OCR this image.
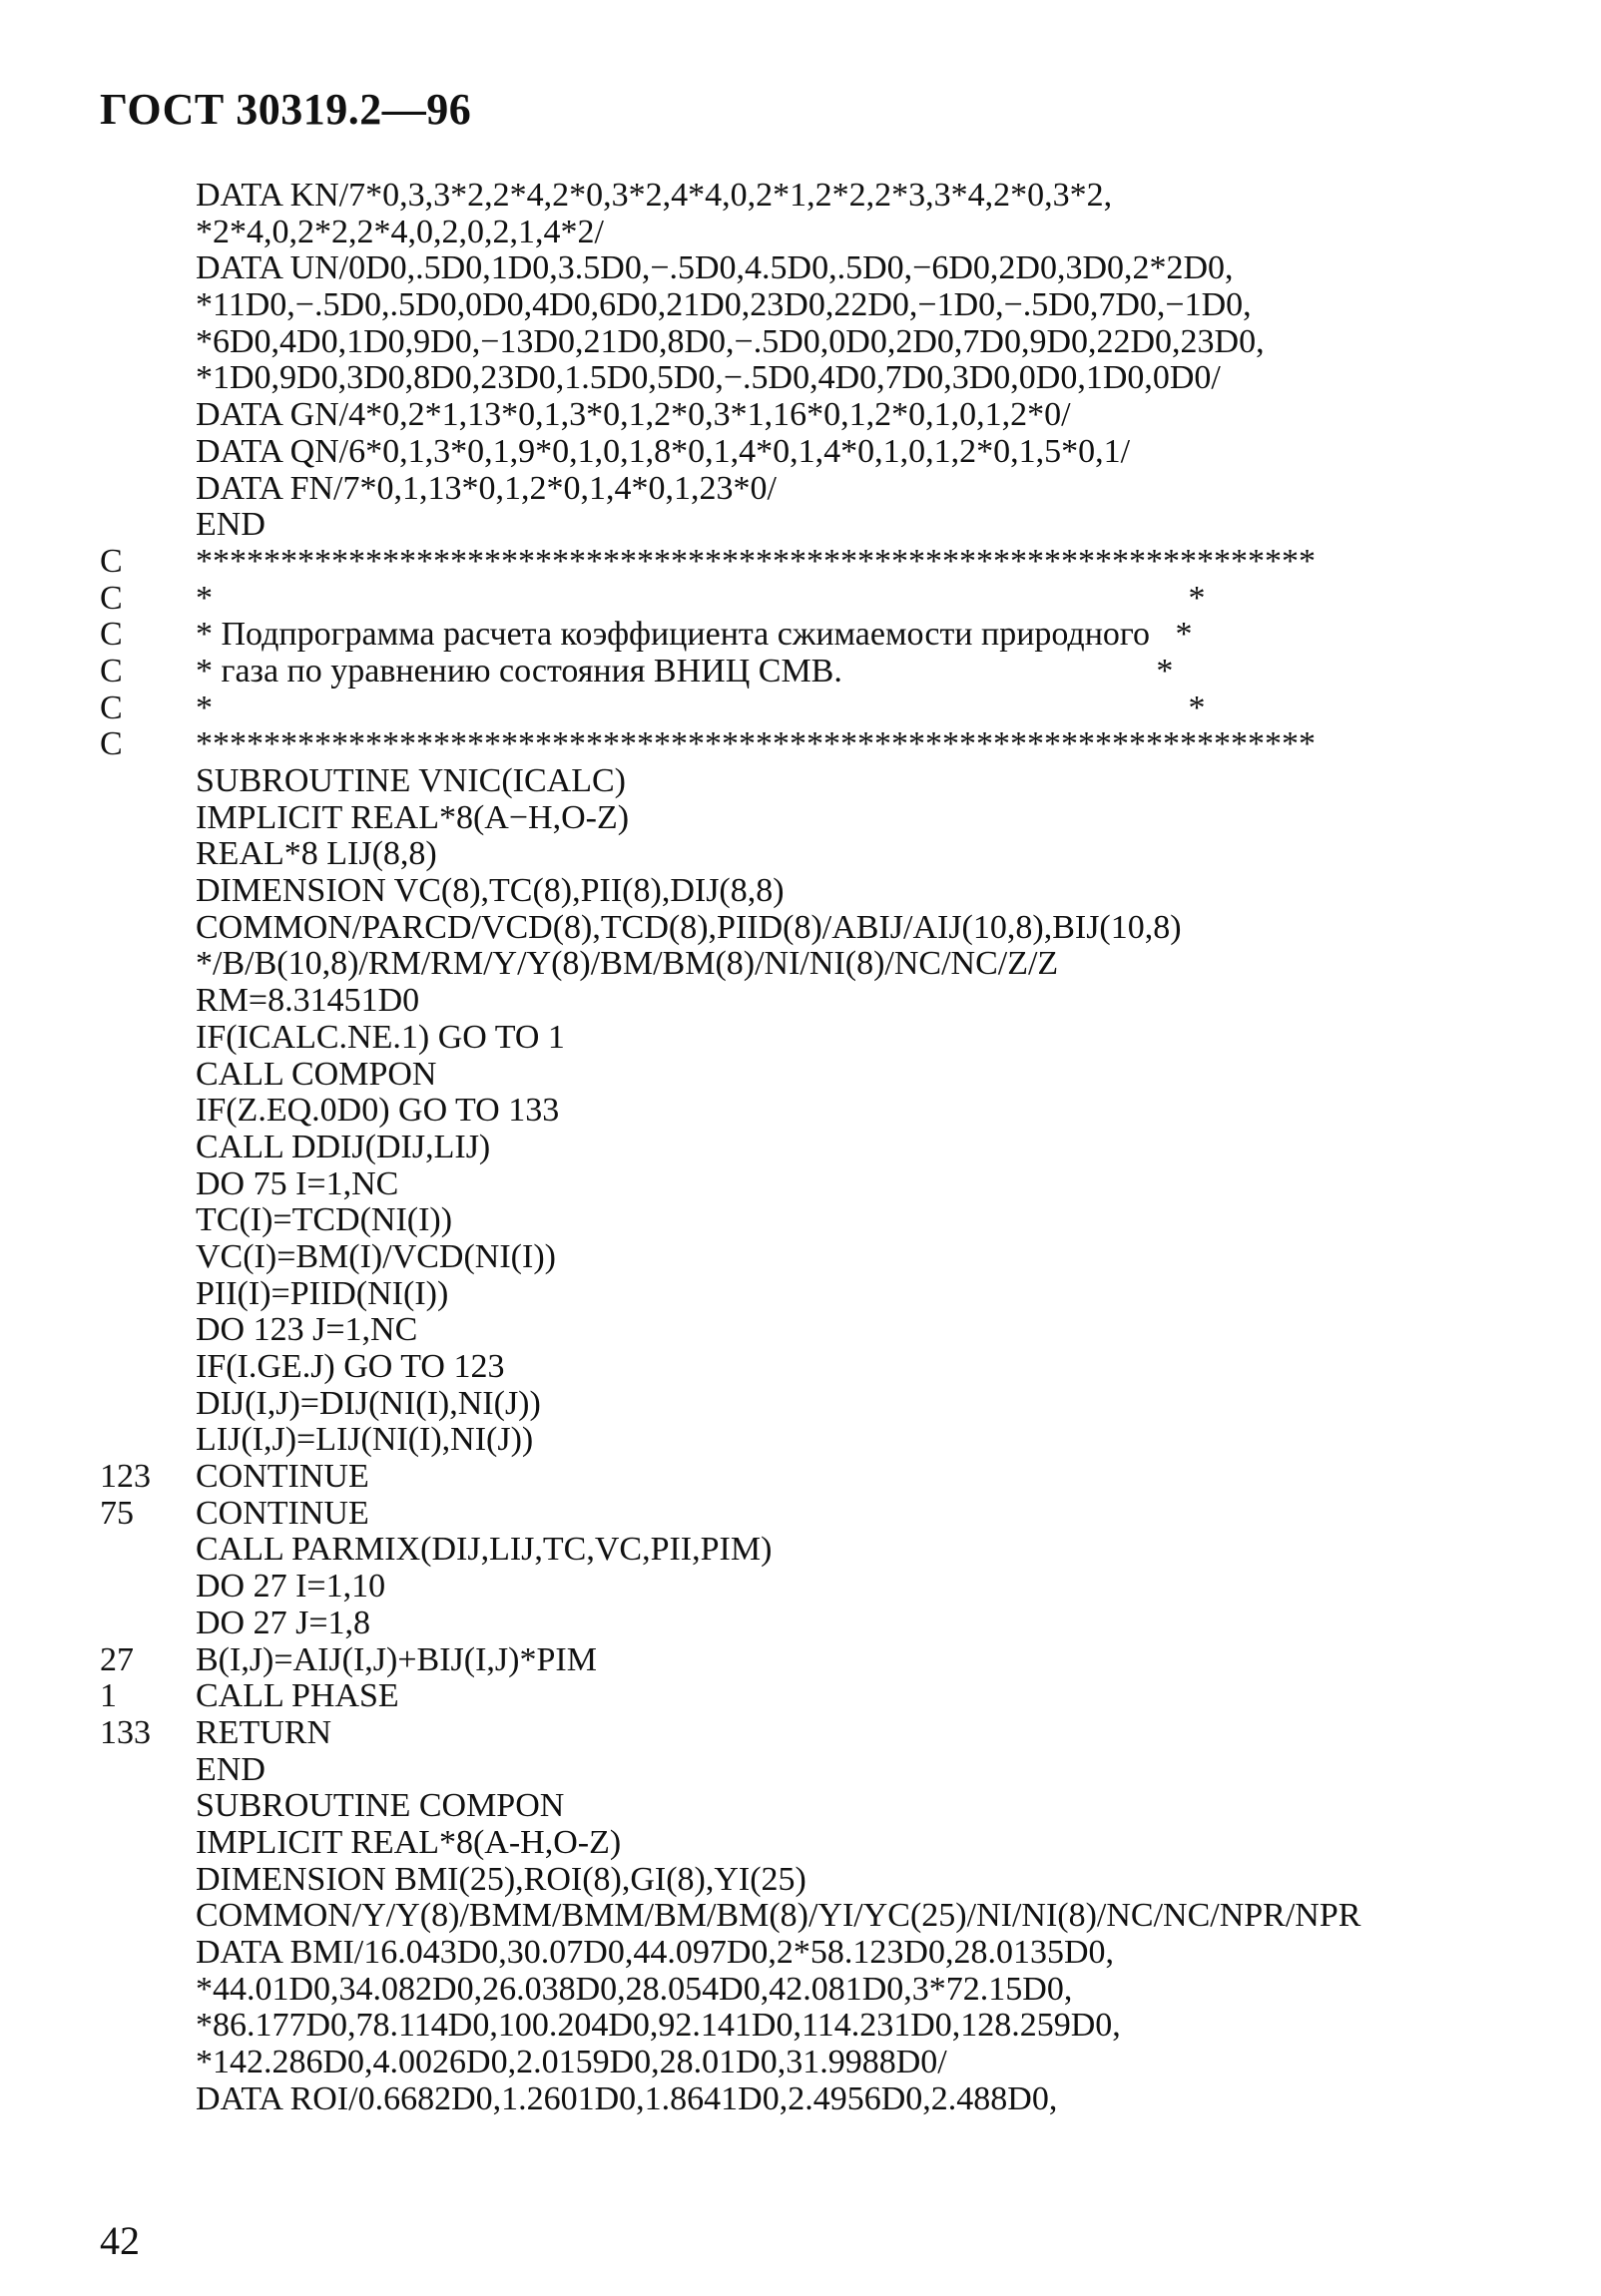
ГОСТ 30319.2—96
DATA KN/7*0,3,3*2,2*4,2*0,3*2,4*4,0,2*1,2*2,2*3,3*4,2*0,3*2,
*2*4,0,2*2,2*4,0,2,0,2,1,4*2/
DATA UN/0D0,.5D0,1D0,3.5D0,−.5D0,4.5D0,.5D0,−6D0,2D0,3D0,2*2D0,
*11D0,−.5D0,.5D0,0D0,4D0,6D0,21D0,23D0,22D0,−1D0,−.5D0,7D0,−1D0,
*6D0,4D0,1D0,9D0,−13D0,21D0,8D0,−.5D0,0D0,2D0,7D0,9D0,22D0,23D0,
*1D0,9D0,3D0,8D0,23D0,1.5D0,5D0,−.5D0,4D0,7D0,3D0,0D0,1D0,0D0/
DATA GN/4*0,2*1,13*0,1,3*0,1,2*0,3*1,16*0,1,2*0,1,0,1,2*0/
DATA QN/6*0,1,3*0,1,9*0,1,0,1,8*0,1,4*0,1,4*0,1,0,1,2*0,1,5*0,1/
DATA FN/7*0,1,13*0,1,2*0,1,4*0,1,23*0/
END
C ******************************************************************
C *                                                                                                                   *
C * Подпрограмма расчета коэффициента сжимаемости природного   *
C * газа по уравнению состояния ВНИЦ СМВ.                                     *
C *                                                                                                                   *
C ******************************************************************
SUBROUTINE VNIC(ICALC)
IMPLICIT REAL*8(A−H,O-Z)
REAL*8 LIJ(8,8)
DIMENSION VC(8),TC(8),PII(8),DIJ(8,8)
COMMON/PARCD/VCD(8),TCD(8),PIID(8)/ABIJ/AIJ(10,8),BIJ(10,8)
*/B/B(10,8)/RM/RM/Y/Y(8)/BM/BM(8)/NI/NI(8)/NC/NC/Z/Z
RM=8.31451D0
IF(ICALC.NE.1) GO TO 1
CALL COMPON
IF(Z.EQ.0D0) GO TO 133
CALL DDIJ(DIJ,LIJ)
DO 75 I=1,NC
TC(I)=TCD(NI(I))
VC(I)=BM(I)/VCD(NI(I))
PII(I)=PIID(NI(I))
DO 123 J=1,NC
IF(I.GE.J) GO TO 123
DIJ(I,J)=DIJ(NI(I),NI(J))
LIJ(I,J)=LIJ(NI(I),NI(J))
123 CONTINUE
75 CONTINUE
CALL PARMIX(DIJ,LIJ,TC,VC,PII,PIM)
DO 27 I=1,10
DO 27 J=1,8
27 B(I,J)=AIJ(I,J)+BIJ(I,J)*PIM
1 CALL PHASE
133 RETURN
END
SUBROUTINE COMPON
IMPLICIT REAL*8(A-H,O-Z)
DIMENSION BMI(25),ROI(8),GI(8),YI(25)
COMMON/Y/Y(8)/BMM/BMM/BM/BM(8)/YI/YC(25)/NI/NI(8)/NC/NC/NPR/NPR
DATA BMI/16.043D0,30.07D0,44.097D0,2*58.123D0,28.0135D0,
*44.01D0,34.082D0,26.038D0,28.054D0,42.081D0,3*72.15D0,
*86.177D0,78.114D0,100.204D0,92.141D0,114.231D0,128.259D0,
*142.286D0,4.0026D0,2.0159D0,28.01D0,31.9988D0/
DATA ROI/0.6682D0,1.2601D0,1.8641D0,2.4956D0,2.488D0,
42
